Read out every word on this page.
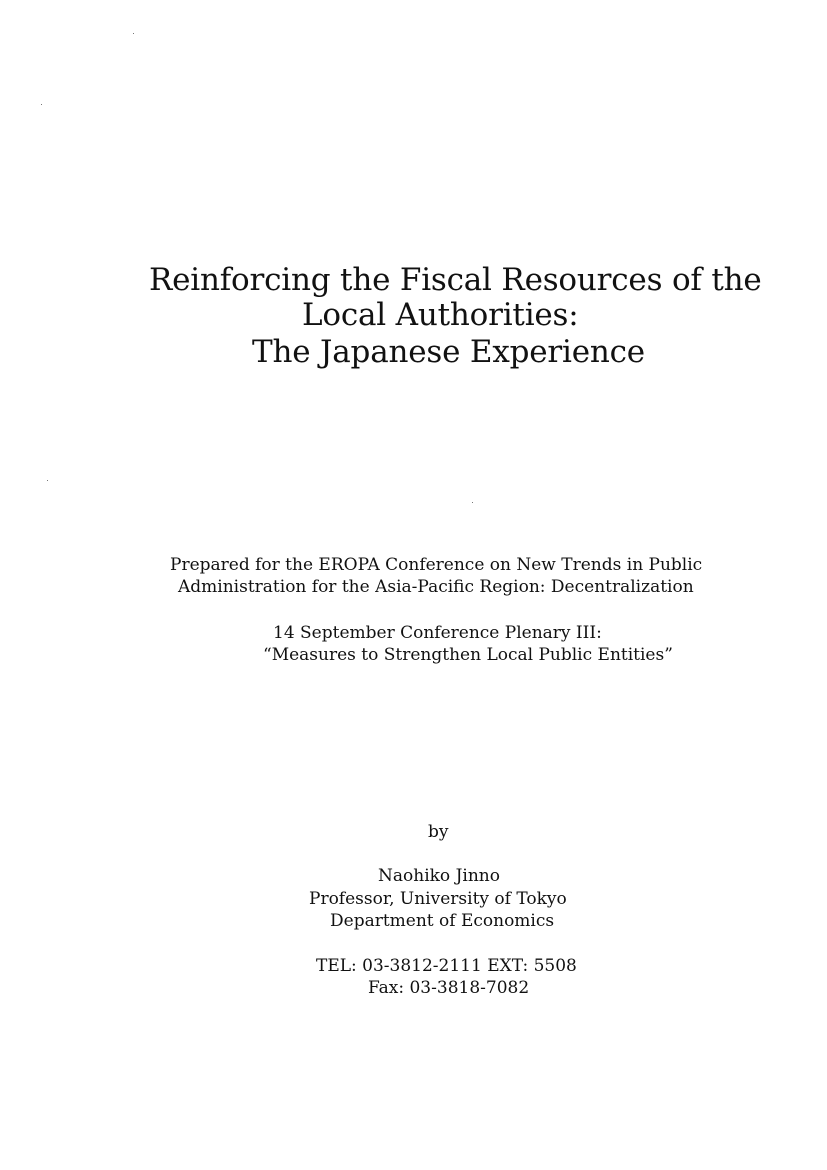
Reinforcing the Fiscal Resources of the
Local Authorities:
The Japanese Experience
Prepared for the EROPA Conference on New Trends in Public
Administration for the Asia-Pacific Region: Decentralization
14 September Conference Plenary III:
“Measures to Strengthen Local Public Entities”
by
Naohiko Jinno
Professor, University of Tokyo
Department of Economics
TEL: 03-3812-2111 EXT: 5508
Fax: 03-3818-7082
